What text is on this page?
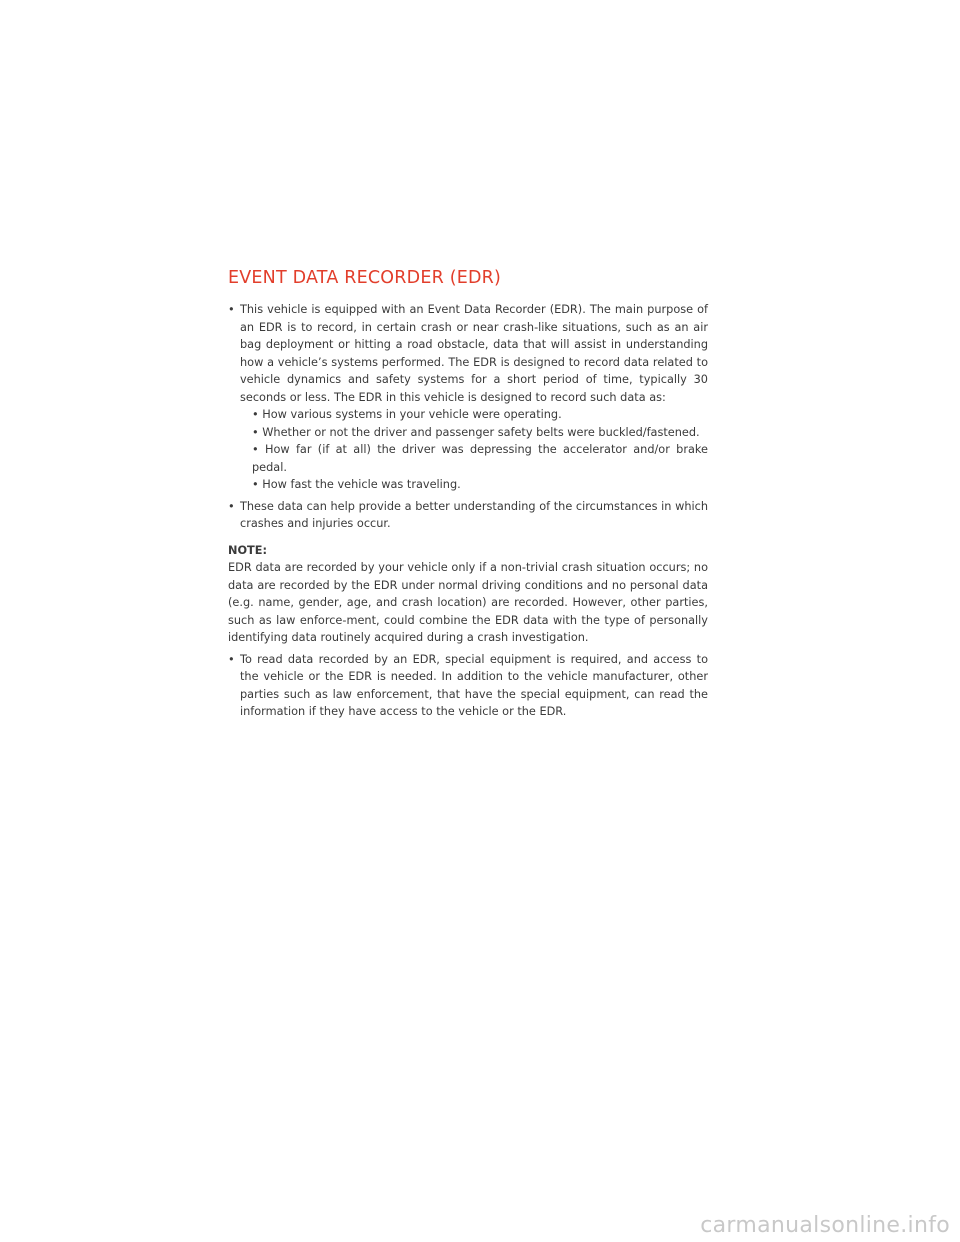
EVENT DATA RECORDER (EDR)
• This vehicle is equipped with an Event Data Recorder (EDR). The main purpose of an EDR is to record, in certain crash or near crash-like situations, such as an air bag deployment or hitting a road obstacle, data that will assist in understanding how a vehicle’s systems performed. The EDR is designed to record data related to vehicle dynamics and safety systems for a short period of time, typically 30 seconds or less. The EDR in this vehicle is designed to record such data as:
• How various systems in your vehicle were operating.
• Whether or not the driver and passenger safety belts were buckled/fastened.
• How far (if at all) the driver was depressing the accelerator and/or brake pedal.
• How fast the vehicle was traveling.
• These data can help provide a better understanding of the circumstances in which crashes and injuries occur.
NOTE:
EDR data are recorded by your vehicle only if a non-trivial crash situation occurs; no data are recorded by the EDR under normal driving conditions and no personal data (e.g. name, gender, age, and crash location) are recorded. However, other parties, such as law enforce-ment, could combine the EDR data with the type of personally identifying data routinely acquired during a crash investigation.
• To read data recorded by an EDR, special equipment is required, and access to the vehicle or the EDR is needed. In addition to the vehicle manufacturer, other parties such as law enforcement, that have the special equipment, can read the information if they have access to the vehicle or the EDR.
carmanualsonline.info
